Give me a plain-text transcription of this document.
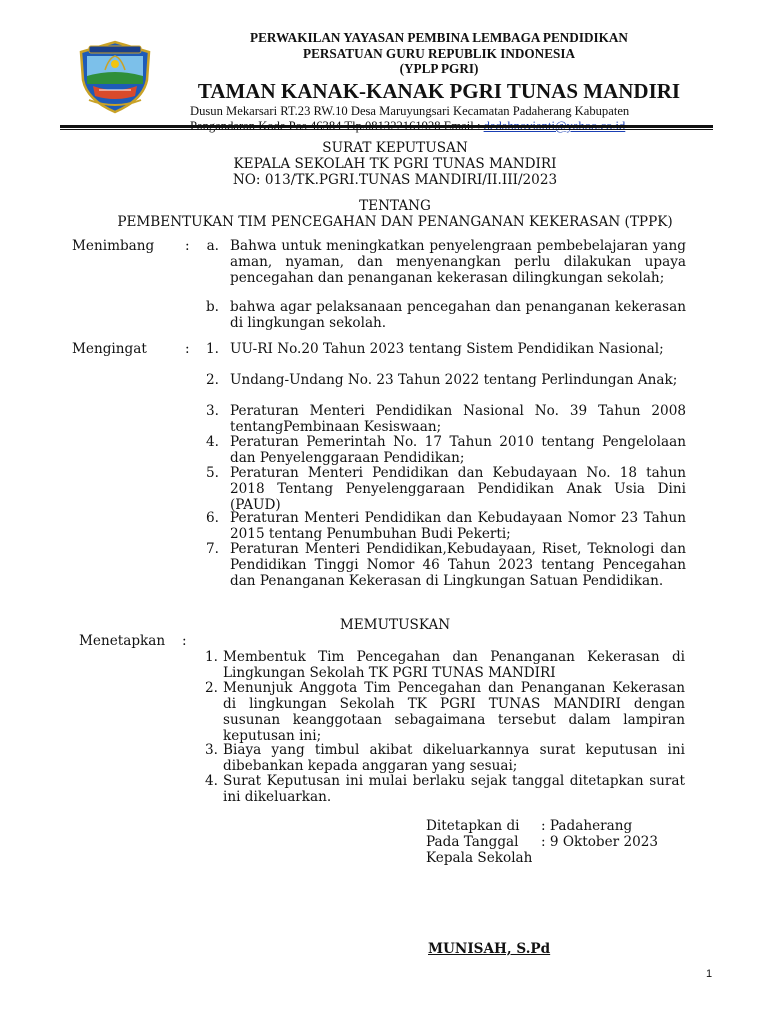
PERWAKILAN YAYASAN PEMBINA LEMBAGA PENDIDIKAN
PERSATUAN GURU REPUBLIK INDONESIA
(YPLP PGRI)
TAMAN KANAK-KANAK PGRI TUNAS MANDIRI
Dusun Mekarsari RT.23 RW.10 Desa Maruyungsari Kecamatan Padaherang Kabupaten
SURAT KEPUTUSAN
KEPALA SEKOLAH TK PGRI TUNAS MANDIRI
NO: 013/TK.PGRI.TUNAS MANDIRI/II.III/2023
TENTANG
PEMBENTUKAN TIM PENCEGAHAN DAN PENANGANAN KEKERASAN (TPPK)
Menimbang :	a. Bahwa untuk meningkatkan penyelengraan pembebelajaran yang aman, nyaman, dan menyenangkan perlu dilakukan upaya pencegahan dan penanganan kekerasan dilingkungan sekolah;
b. bahwa agar pelaksanaan pencegahan dan penanganan kekerasan di lingkungan sekolah.
Mengingat	:	1. UU-RI No.20 Tahun 2023 tentang Sistem Pendidikan Nasional;
2. Undang-Undang No. 23 Tahun 2022 tentang Perlindungan Anak;
3. Peraturan Menteri Pendidikan Nasional No. 39 Tahun 2008 tentangPembinaan Kesiswaan;
4. Peraturan Pemerintah No. 17 Tahun 2010 tentang Pengelolaan dan Penyelenggaraan Pendidikan;
5. Peraturan Menteri Pendidikan dan Kebudayaan No. 18 tahun 2018 Tentang Penyelenggaraan Pendidikan Anak Usia Dini (PAUD)
6. Peraturan Menteri Pendidikan dan Kebudayaan Nomor 23 Tahun 2015 tentang Penumbuhan Budi Pekerti;
7. Peraturan Menteri Pendidikan,Kebudayaan, Riset, Teknologi dan Pendidikan Tinggi Nomor 46 Tahun 2023 tentang Pencegahan dan Penanganan Kekerasan di Lingkungan Satuan Pendidikan.
MEMUTUSKAN
Menetapkan :
1. Membentuk Tim Pencegahan dan Penanganan Kekerasan di Lingkungan Sekolah TK PGRI TUNAS MANDIRI
2. Menunjuk Anggota Tim Pencegahan dan Penanganan Kekerasan di lingkungan Sekolah TK PGRI TUNAS MANDIRI dengan susunan keanggotaan sebagaimana tersebut dalam lampiran keputusan ini;
3. Biaya yang timbul akibat dikeluarkannya surat keputusan ini dibebankan kepada anggaran yang sesuai;
4. Surat Keputusan ini mulai berlaku sejak tanggal ditetapkan surat ini dikeluarkan.
Ditetapkan di : Padaherang
Pada Tanggal : 9 Oktober 2023
Kepala Sekolah
MUNISAH, S.Pd
1
